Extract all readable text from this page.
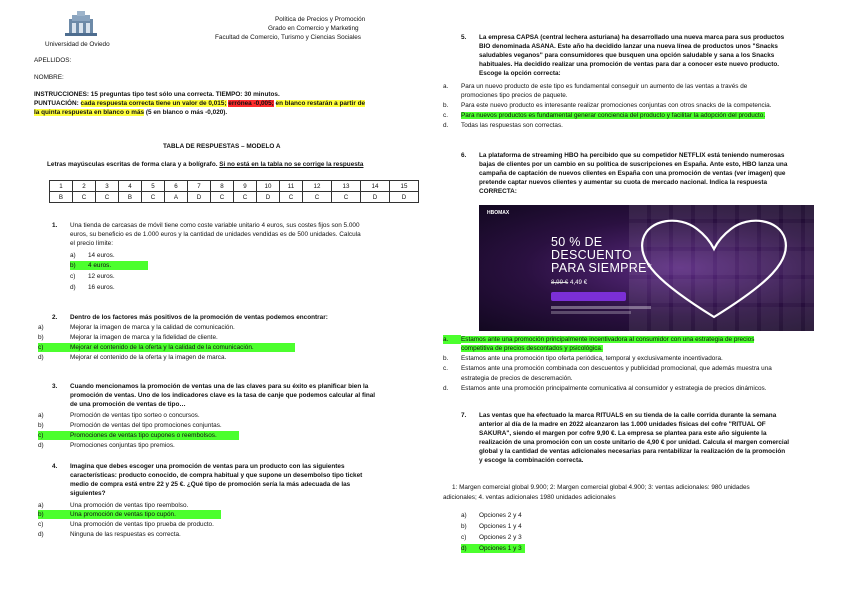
Universidad de Oviedo
Política de Precios y Promoción
Grado en Comercio y Marketing
Facultad de Comercio, Turismo y Ciencias Sociales
APELLIDOS:
NOMBRE:
INSTRUCCIONES: 15 preguntas tipo test sólo una correcta. TIEMPO: 30 minutos.
PUNTUACIÓN: cada respuesta correcta tiene un valor de 0,015; errónea -0,005; en blanco restarán a partir de
la quinta respuesta en blanco o más (5 en blanco o más -0,020).
TABLA DE RESPUESTAS – MODELO A
Letras mayúsculas escritas de forma clara y a bolígrafo. Si no está en la tabla no se corrige la respuesta
1	2	3	4	5	6	7	8	9	10	11	12	13	14	15
B	C	C	B	C	A	D	C	C	D	C	C	C	D	D
1. Una tienda de carcasas de móvil tiene como coste variable unitario 4 euros, sus costes fijos son 5.000
euros, su beneficio es de 1.000 euros y la cantidad de unidades vendidas es de 500 unidades. Calcula
el precio límite:
a) 14 euros.
b) 4 euros.
c) 12 euros.
d) 16 euros.
2. Dentro de los factores más positivos de la promoción de ventas podemos encontrar:
a)	Mejorar la imagen de marca y la calidad de comunicación.
b)	Mejorar la imagen de marca y la fidelidad de cliente.
c)	Mejorar el contenido de la oferta y la calidad de la comunicación.
d)	Mejorar el contenido de la oferta y la imagen de marca.
3. Cuando mencionamos la promoción de ventas una de las claves para su éxito es planificar bien la
promoción de ventas. Uno de los indicadores clave es la tasa de canje que podemos calcular al final
de una promoción de ventas de tipo…
a)	Promoción de ventas tipo sorteo o concursos.
b)	Promoción de ventas del tipo promociones conjuntas.
c)	Promociones de ventas tipo cupones o reembolsos.
d)	Promociones conjuntas tipo premios.
4. Imagina que debes escoger una promoción de ventas para un producto con las siguientes
características: producto conocido, de compra habitual y que supone un desembolso tipo ticket
medio de compra está entre 22 y 25 €. ¿Qué tipo de promoción sería la más adecuada de las
siguientes?
a)	Una promoción de ventas tipo reembolso.
b)	Una promoción de ventas tipo cupón.
c)	Una promoción de ventas tipo prueba de producto.
d)	Ninguna de las respuestas es correcta.
5. La empresa CAPSA (central lechera asturiana) ha desarrollado una nueva marca para sus productos
BIO denominada ASANA. Este año ha decidido lanzar una nueva línea de productos unos "Snacks
saludables veganos" para consumidores que busquen una opción saludable y sana a los Snacks
habituales. Ha decidido realizar una promoción de ventas para dar a conocer este nuevo producto.
Escoge la opción correcta:
a. Para un nuevo producto de este tipo es fundamental conseguir un aumento de las ventas a través de
promociones tipo precios de paquete.
b. Para este nuevo producto es interesante realizar promociones conjuntas con otros snacks de la competencia.
c. Para nuevos productos es fundamental generar conciencia del producto y facilitar la adopción del producto.
d. Todas las respuestas son correctas.
6. La plataforma de streaming HBO ha percibido que su competidor NETFLIX está teniendo numerosas
bajas de clientes por un cambio en su política de suscripciones en España. Ante esto, HBO lanza una
campaña de captación de nuevos clientes en España con una promoción de ventas (ver imagen) que
pretende captar nuevos clientes y aumentar su cuota de mercado nacional. Indica la respuesta
CORRECTA:
HBOMAX
50 % DE
DESCUENTO
PARA SIEMPRE*
8,99 € 4,49 €
a. Estamos ante una promoción principalmente incentivadora al consumidor con una estrategia de precios
competitiva de precios descontados y psicológica.
b. Estamos ante una promoción tipo oferta periódica, temporal y exclusivamente incentivadora.
c. Estamos ante una promoción combinada con descuentos y publicidad promocional, que además muestra una
estrategia de precios de descremación.
d. Estamos ante una promoción principalmente comunicativa al consumidor y estrategia de precios dinámicos.
7. Las ventas que ha efectuado la marca RITUALS en su tienda de la calle corrida durante la semana
anterior al día de la madre en 2022 alcanzaron las 1.000 unidades físicas del cofre "RITUAL OF
SAKURA", siendo el margen por cofre 9,90 €. La empresa se plantea para este año siguiente la
realización de una promoción con un coste unitario de 4,90 € por unidad. Calcula el margen comercial
global y la cantidad de ventas adicionales necesarias para rentabilizar la realización de la promoción
y escoge la combinación correcta.
1: Margen comercial global 9.900; 2: Margen comercial global 4.900; 3: ventas adicionales: 980 unidades
adicionales; 4. ventas adicionales 1980 unidades adicionales
a) Opciones 2 y 4
b) Opciones 1 y 4
c) Opciones 2 y 3
d) Opciones 1 y 3
